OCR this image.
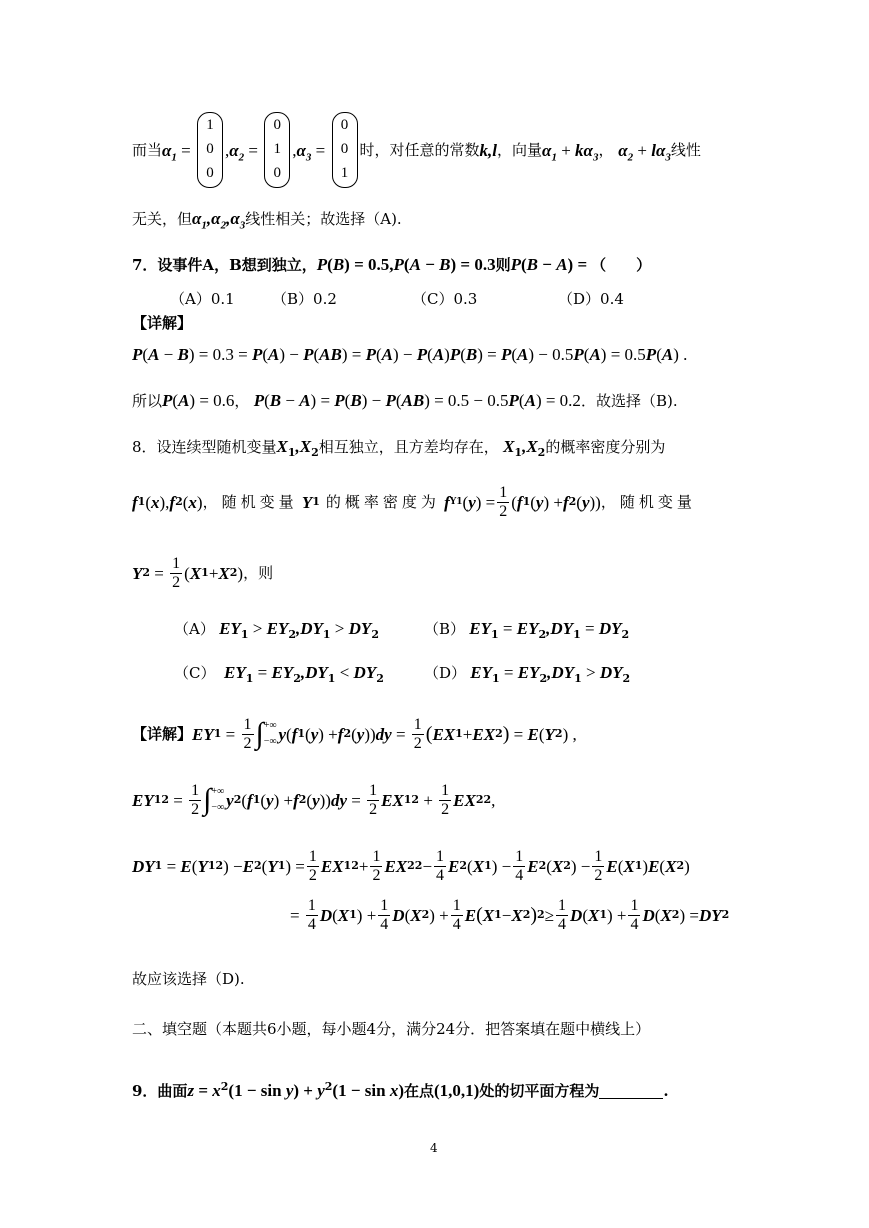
而当 $\alpha_1$ =
1
0
0
, $\alpha_2$ =
0
1
0
, $\alpha_3$ =
0
0
1
时，对任意的常数 k,l ，向量 $\alpha_1 + k\alpha_3$ ， $\alpha_2 + l\alpha_3$ 线性
无关，但$\alpha_1,\alpha_2,\alpha_3$线性相关；故选择（A).
7．设事件A，B想到独立，P(B) = 0.5,P(A − B) = 0.3则P(B − A) = （　　）
（A）0.1 （B）0.2	（C）0.3	（D）0.4
【详解】
P(A − B) = 0.3 = P(A) − P(AB) = P(A) − P(A)P(B) = P(A) − 0.5P(A) = 0.5P(A) .
所以P(A) = 0.6， P(B − A) = P(B) − P(AB) = 0.5 − 0.5P(A) = 0.2．故选择（B).
8．设连续型随机变量$X_1,X_2$相互独立，且方差均存在， $X_1,X_2$的概率密度分别为
f 1 ( x ), f 2 ( x ) ，随机变量 Y 1 的概率密度为 f Y1 ( y ) = $\frac{1}{2}$ ( f 1 ( y ) + f 2 ( y )) ，随机变量
Y $2 = \frac{1}{2}$ ( X 1 + X 2 ) ，则
（A） $EY_1 > EY_2,DY_1 > DY_2$	（B） $EY_1 = EY_2,DY_1 = DY_2$
（C）  $EY_1 = EY_2,DY_1 < DY_2$	（D） $EY_1 = EY_2,DY_1 > DY_2$
【详解】 EY $1 = \frac{1}{2}$ ∫ +∞
−∞ y ( f 1 ( y ) + f 2 ( y )) dy = $\frac{1}{2}$ ( EX 1 + EX 2 ) = E ( Y 2 ) ,
EY 1 $2 = \frac{1}{2}$ ∫ +∞
−∞ y 2 ( f 1 ( y ) + f 2 ( y )) dy = $\frac{1}{2}$ EX 1 $2 + \frac{1}{2}$ EX 2 2 ,
DY 1 = E ( Y 1 2 ) − E 2 ( Y 1 ) = $\frac{1}{2}$ EX 1 $2 + \frac{1}{2}$ EX 2 $2 - \frac{1}{4}$ E 2 ( X 1 ) − $\frac{1}{4}$ E 2 ( X 2 ) − $\frac{1}{2}$ E ( X 1 ) E ( X 2 )
= $\frac{1}{4}$ D ( X 1 ) + $\frac{1}{4}$ D ( X 2 ) + $\frac{1}{4}$ E ( X 1 − X 2 ) $2 \ge \frac{1}{4}$ D ( X 1 ) + $\frac{1}{4}$ D ( X 2 ) = DY 2
故应该选择（D).
二、填空题（本题共6小题，每小题4分，满分24分．把答案填在题中横线上）
9．曲面$z = x^2(1 - \sin y) + y^2(1 - \sin x)$在点(1,0,1)处的切平面方程为	.
4
